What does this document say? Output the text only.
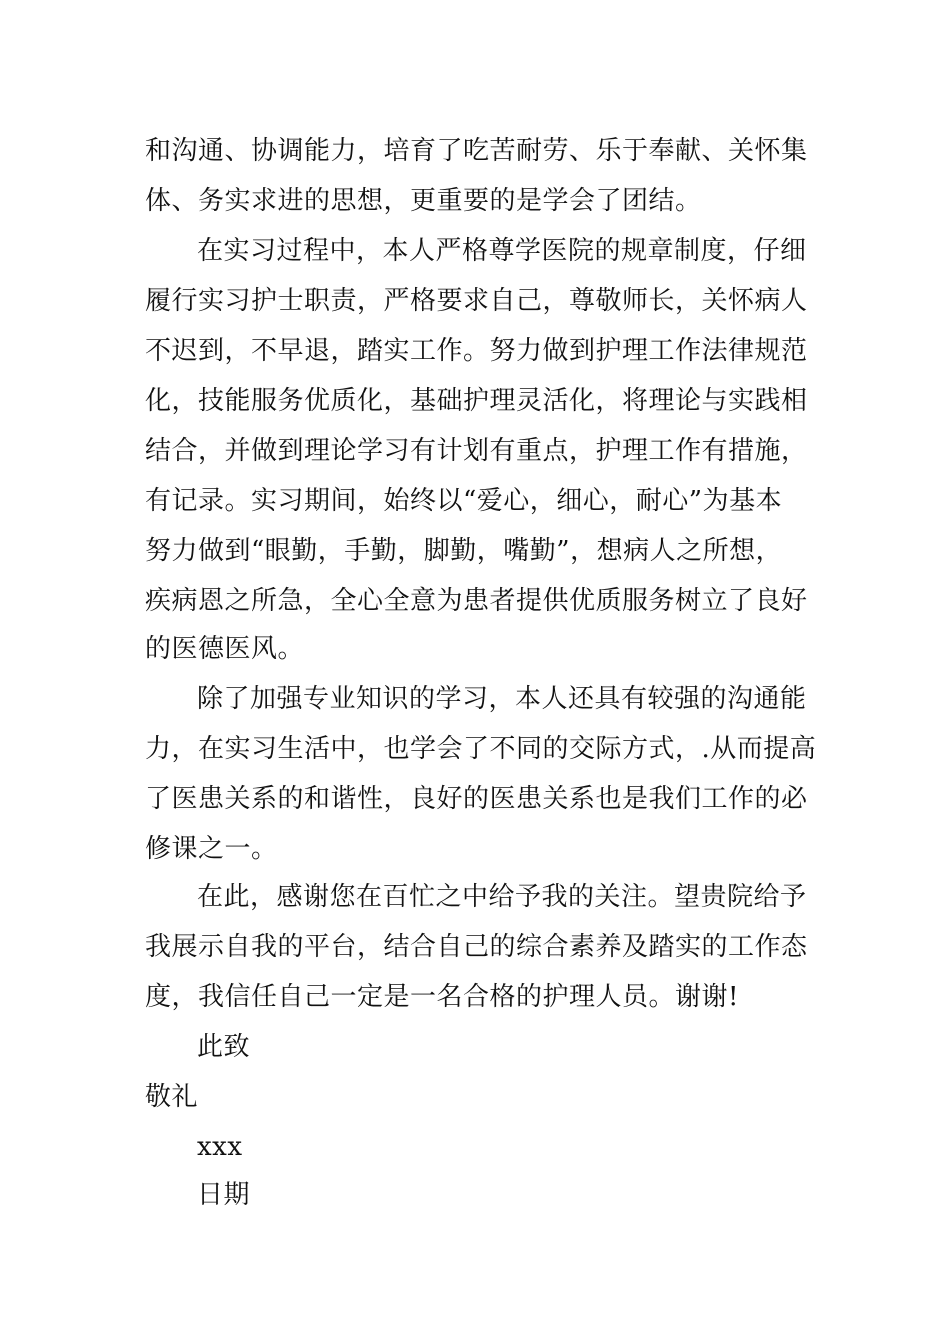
和沟通、协调能力，培育了吃苦耐劳、乐于奉献、关怀集
体、务实求进的思想，更重要的是学会了团结。
在实习过程中，本人严格尊学医院的规章制度，仔细
履行实习护士职责，严格要求自己，尊敬师长，关怀病人
不迟到，不早退，踏实工作。努力做到护理工作法律规范
化，技能服务优质化，基础护理灵活化，将理论与实践相
结合，并做到理论学习有计划有重点，护理工作有措施，
有记录。实习期间，始终以“爱心，细心，耐心”为基本
努力做到“眼勤，手勤，脚勤，嘴勤”，想病人之所想，
疾病恩之所急，全心全意为患者提供优质服务树立了良好
的医德医风。
除了加强专业知识的学习，本人还具有较强的沟通能
力，在实习生活中，也学会了不同的交际方式，.从而提高
了医患关系的和谐性，良好的医患关系也是我们工作的必
修课之一。
在此，感谢您在百忙之中给予我的关注。望贵院给予
我展示自我的平台，结合自己的综合素养及踏实的工作态
度，我信任自己一定是一名合格的护理人员。谢谢!
此致
敬礼
xxx
日期
